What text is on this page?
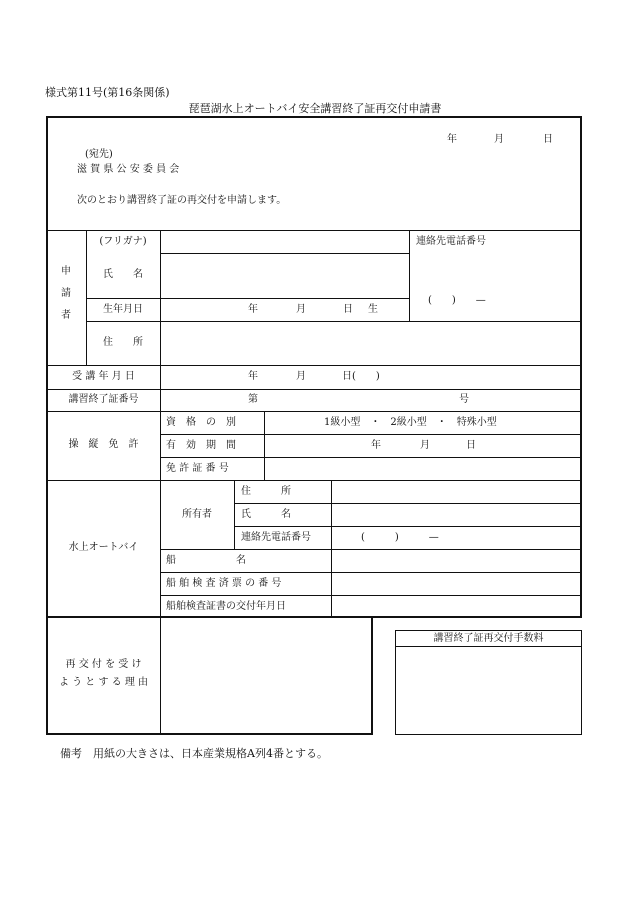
様式第11号(第16条関係)
琵琶湖水上オートバイ安全講習終了証再交付申請書
年	月	日
(宛先)
滋 賀 県 公 安 委 員 会
次のとおり講習終了証の再交付を申請します。
申
請
者
(フリガナ)
氏　　名
生年月日	年	月	日 生
住　　所
連絡先電話番号
(　　)　　—
受 講 年 月 日	年	月	日(　　)
講習終了証番号	第	号
操　縦　免　許
資　格　の　別	1級小型　・　2級小型　・　特殊小型
有　効　期　間	年	月	日
免 許 証 番 号
水上オートバイ
所有者
住　　　所
氏　　　名
連絡先電話番号	(　　　)　　　—
船　　　　　　名
船 舶 検 査 済 票 の 番 号
船舶検査証書の交付年月日
再 交 付 を 受 け
よ う と す る 理 由
講習終了証再交付手数料
備考　用紙の大きさは、日本産業規格A列4番とする。
